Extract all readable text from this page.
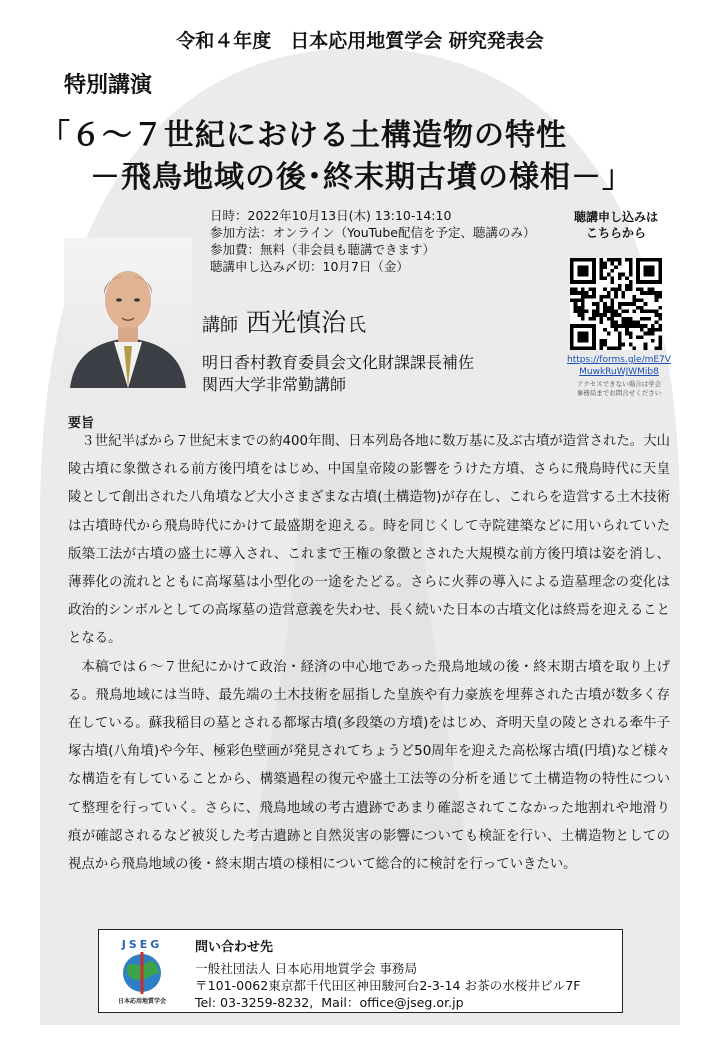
令和４年度　日本応用地質学会 研究発表会
特別講演
「６～７世紀における土構造物の特性
－飛鳥地域の後･終末期古墳の様相－」
日時：2022年10月13日(木) 13:10-14:10
参加方法：オンライン（YouTube配信を予定、聴講のみ）
参加費：無料（非会員も聴講できます）
聴講申し込み〆切：10月7日（金）
講師 西光慎治 氏
明日香村教育委員会文化財課課長補佐
関西大学非常勤講師
聴講申し込みは
こちらから
https://forms.gle/mE7VMuwkRuWJWMib8
アクセスできない場合は学会
事務局までお問合せください
要旨

３世紀半ばから７世紀末までの約400年間、日本列島各地に数万基に及ぶ古墳が造営された。大山陵古墳に象徴される前方後円墳をはじめ、中国皇帝陵の影響をうけた方墳、さらに飛鳥時代に天皇陵として創出された八角墳など大小さまざまな古墳(土構造物)が存在し、これらを造営する土木技術は古墳時代から飛鳥時代にかけて最盛期を迎える。時を同じくして寺院建築などに用いられていた版築工法が古墳の盛土に導入され、これまで王権の象徴とされた大規模な前方後円墳は姿を消し、薄葬化の流れとともに高塚墓は小型化の一途をたどる。さらに火葬の導入による造墓理念の変化は政治的シンボルとしての高塚墓の造営意義を失わせ、長く続いた日本の古墳文化は終焉を迎えることとなる。

本稿では６～７世紀にかけて政治・経済の中心地であった飛鳥地域の後・終末期古墳を取り上げる。飛鳥地域には当時、最先端の土木技術を屈指した皇族や有力豪族を埋葬された古墳が数多く存在している。蘇我稲目の墓とされる都塚古墳(多段築の方墳)をはじめ、斉明天皇の陵とされる牽牛子塚古墳(八角墳)や今年、極彩色壁画が発見されてちょうど50周年を迎えた高松塚古墳(円墳)など様々な構造を有していることから、構築過程の復元や盛土工法等の分析を通じて土構造物の特性について整理を行っていく。さらに、飛鳥地域の考古遺跡であまり確認されてこなかった地割れや地滑り痕が確認されるなど被災した考古遺跡と自然災害の影響についても検証を行い、土構造物としての視点から飛鳥地域の後・終末期古墳の様相について総合的に検討を行っていきたい。

JSEG
日本応用地質学会
問い合わせ先
一般社団法人 日本応用地質学会 事務局
〒101-0062東京都千代田区神田駿河台2-3-14 お茶の水桜井ビル7F
Tel: 03-3259-8232, Mail：office@jseg.or.jp
